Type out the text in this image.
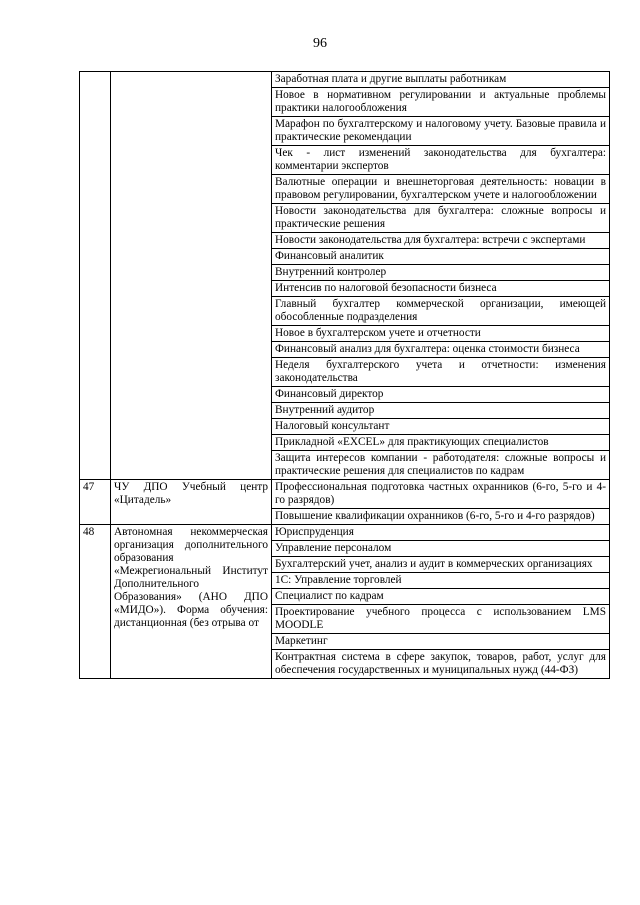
96
		Заработная плата и другие выплаты работникам
		Новое в нормативном регулировании и актуальные проблемы практики налогообложения
		Марафон по бухгалтерскому и налоговому учету. Базовые правила и практические рекомендации
		Чек - лист изменений законодательства для бухгалтера: комментарии экспертов
		Валютные операции и внешнеторговая деятельность: новации в правовом регулировании, бухгалтерском учете и налогообложении
		Новости законодательства для бухгалтера: сложные вопросы и практические решения
		Новости законодательства для бухгалтера: встречи с экспертами
		Финансовый аналитик
		Внутренний контролер
		Интенсив по налоговой безопасности бизнеса
		Главный бухгалтер коммерческой организации, имеющей обособленные подразделения
		Новое в бухгалтерском учете и отчетности
		Финансовый анализ для бухгалтера: оценка стоимости бизнеса
		Неделя бухгалтерского учета и отчетности: изменения законодательства
		Финансовый директор
		Внутренний аудитор
		Налоговый консультант
		Прикладной «EXCEL» для практикующих специалистов
		Защита интересов компании - работодателя: сложные вопросы и практические решения для специалистов по кадрам
47	ЧУ ДПО Учебный центр «Цитадель»	Профессиональная подготовка частных охранников (6-го, 5-го и 4-го разрядов)
		Повышение квалификации охранников (6-го, 5-го и 4-го разрядов)
48	Автономная некоммерческая организация дополнительного образования «Межрегиональный Институт Дополнительного Образования» (АНО ДПО «МИДО»). Форма обучения: дистанционная (без отрыва от	Юриспруденция
		Управление персоналом
		Бухгалтерский учет, анализ и аудит в коммерческих организациях
		1С: Управление торговлей
		Специалист по кадрам
		Проектирование учебного процесса с использованием LMS MOODLE
		Маркетинг
		Контрактная система в сфере закупок, товаров, работ, услуг для обеспечения государственных и муниципальных нужд (44-ФЗ)
